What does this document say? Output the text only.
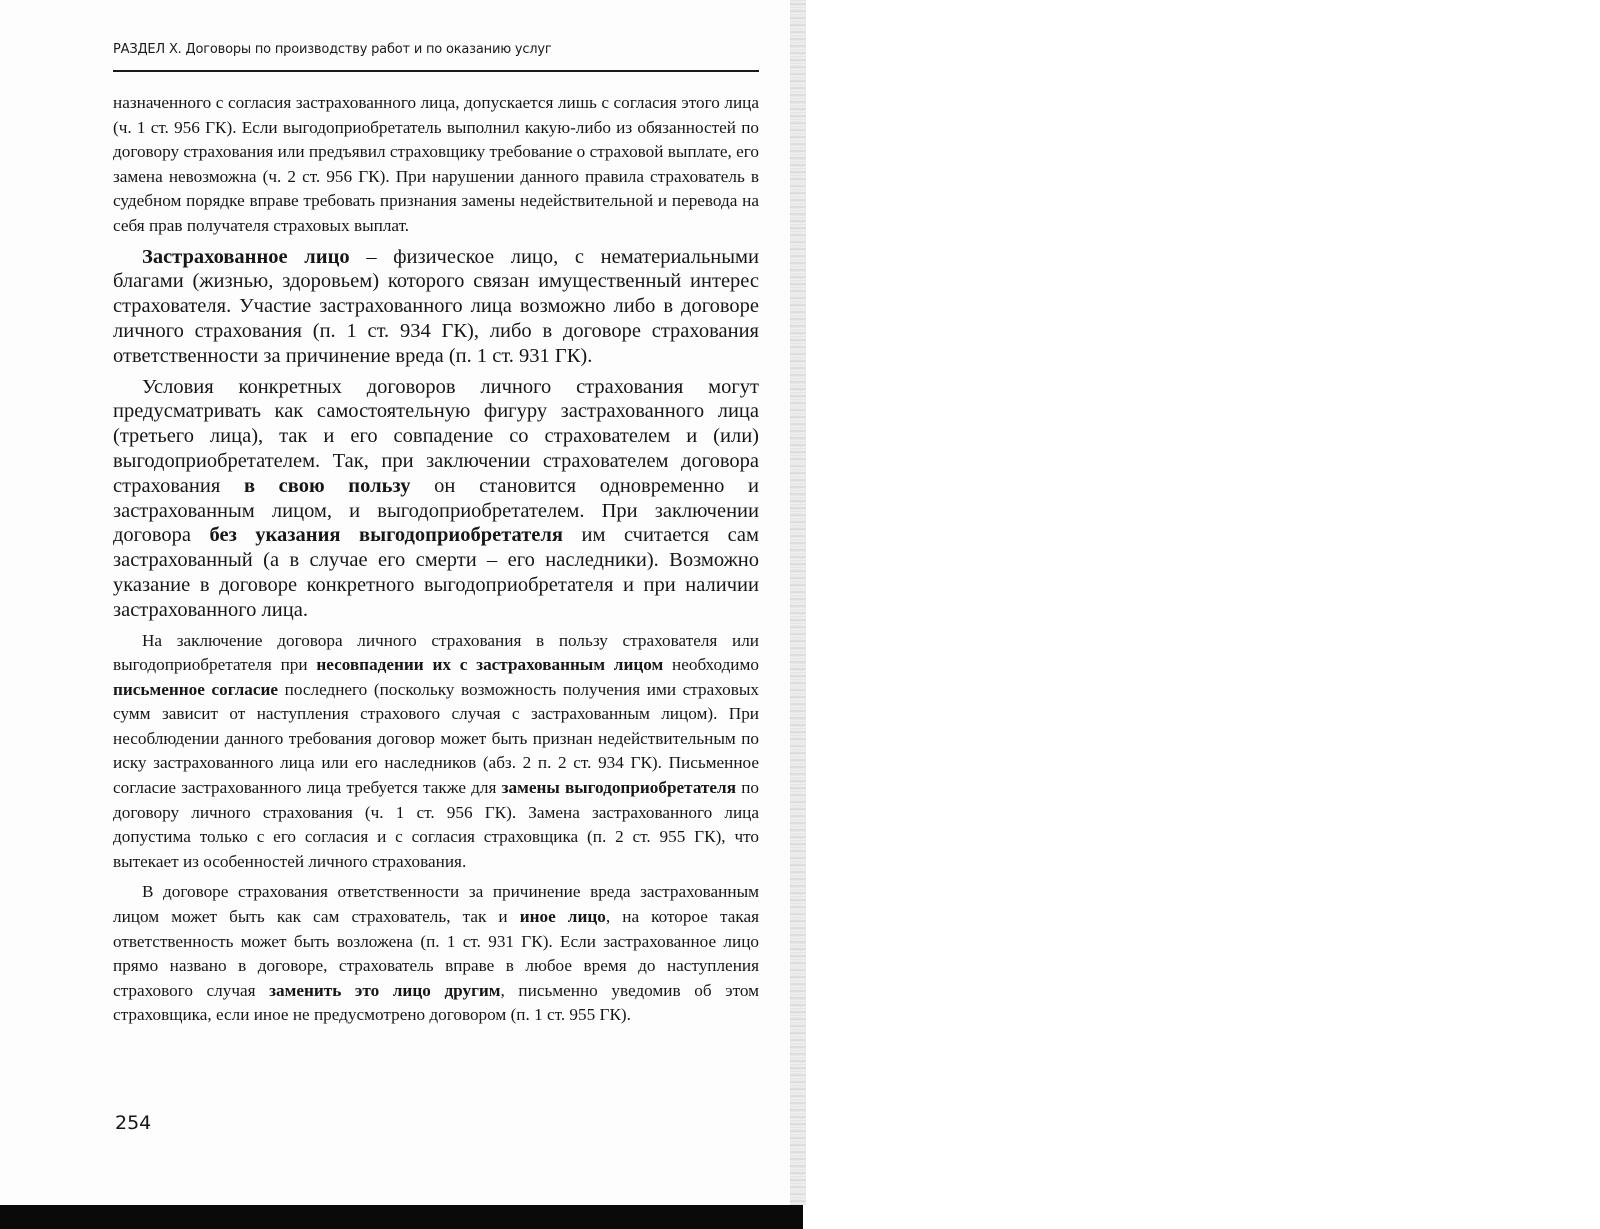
РАЗДЕЛ X. Договоры по производству работ и по оказанию услуг

назначенного с согласия застрахованного лица, допускается лишь с согласия этого лица (ч. 1 ст. 956 ГК). Если выгодоприобретатель выполнил какую-либо из обязанностей по договору страхования или предъявил страховщику требование о страховой выплате, его замена невозможна (ч. 2 ст. 956 ГК). При нарушении данного правила страхователь в судебном порядке вправе требовать признания замены недействительной и перевода на себя прав получателя страховых выплат.

Застрахованное лицо – физическое лицо, с нематериальными благами (жизнью, здоровьем) которого связан имущественный интерес страхователя. Участие застрахованного лица возможно либо в договоре личного страхования (п. 1 ст. 934 ГК), либо в договоре страхования ответственности за причинение вреда (п. 1 ст. 931 ГК).

Условия конкретных договоров личного страхования могут предусматривать как самостоятельную фигуру застрахованного лица (третьего лица), так и его совпадение со страхователем и (или) выгодоприобретателем. Так, при заключении страхователем договора страхования в свою пользу он становится одновременно и застрахованным лицом, и выгодоприобретателем. При заключении договора без указания выгодоприобретателя им считается сам застрахованный (а в случае его смерти – его наследники). Возможно указание в договоре конкретного выгодоприобретателя и при наличии застрахованного лица.

На заключение договора личного страхования в пользу страхователя или выгодоприобретателя при несовпадении их с застрахованным лицом необходимо письменное согласие последнего (поскольку возможность получения ими страховых сумм зависит от наступления страхового случая с застрахованным лицом). При несоблюдении данного требования договор может быть признан недействительным по иску застрахованного лица или его наследников (абз. 2 п. 2 ст. 934 ГК). Письменное согласие застрахованного лица требуется также для замены выгодоприобретателя по договору личного страхования (ч. 1 ст. 956 ГК). Замена застрахованного лица допустима только с его согласия и с согласия страховщика (п. 2 ст. 955 ГК), что вытекает из особенностей личного страхования.

В договоре страхования ответственности за причинение вреда застрахованным лицом может быть как сам страхователь, так и иное лицо, на которое такая ответственность может быть возложена (п. 1 ст. 931 ГК). Если застрахованное лицо прямо названо в договоре, страхователь вправе в любое время до наступления страхового случая заменить это лицо другим, письменно уведомив об этом страховщика, если иное не предусмотрено договором (п. 1 ст. 955 ГК).

254
